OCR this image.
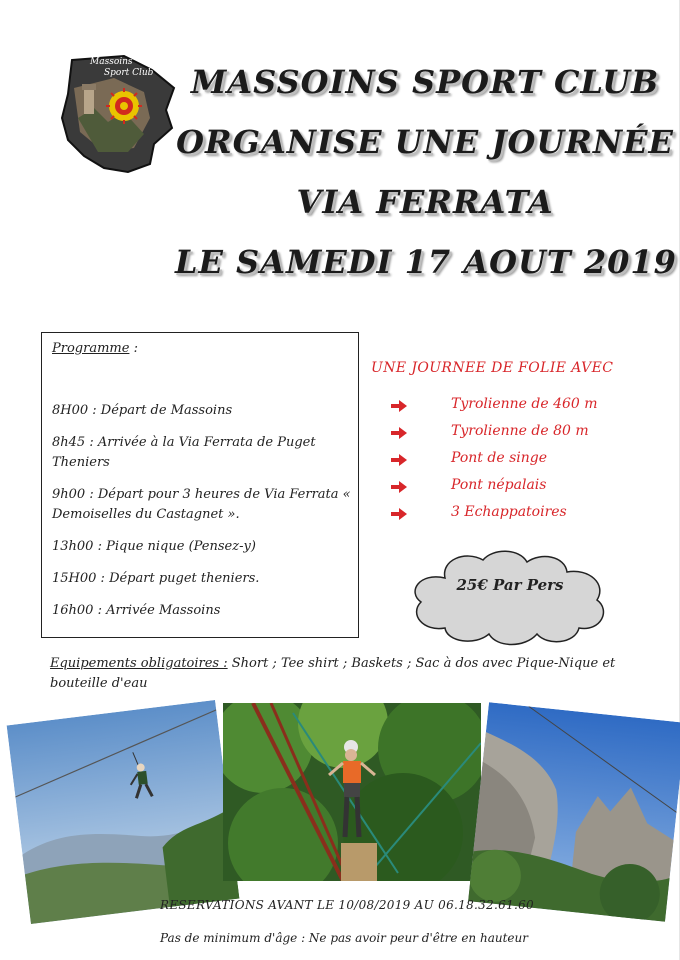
Massoins
Sport Club	MASSOINS SPORT CLUB
ORGANISE UNE JOURNÉE
VIA FERRATA
LE SAMEDI 17 AOUT 2019
Programme :
8H00 : Départ de Massoins
8h45 : Arrivée à la Via Ferrata de Puget Theniers
9h00 : Départ pour 3 heures de Via Ferrata « Demoiselles du Castagnet ».
13h00 : Pique nique (Pensez-y)
15H00 : Départ puget theniers.
16h00 : Arrivée Massoins
UNE JOURNEE DE FOLIE AVEC
Tyrolienne de 460 m
Tyrolienne de 80 m
Pont de singe
Pont népalais
3 Echappatoires
25€ Par Pers
Equipements obligatoires : Short ; Tee shirt ; Baskets ; Sac à dos avec Pique-Nique et bouteille d'eau
RESERVATIONS AVANT LE 10/08/2019 AU 06.18.32.61.60
Pas de minimum d'âge : Ne pas avoir peur d'être en hauteur
